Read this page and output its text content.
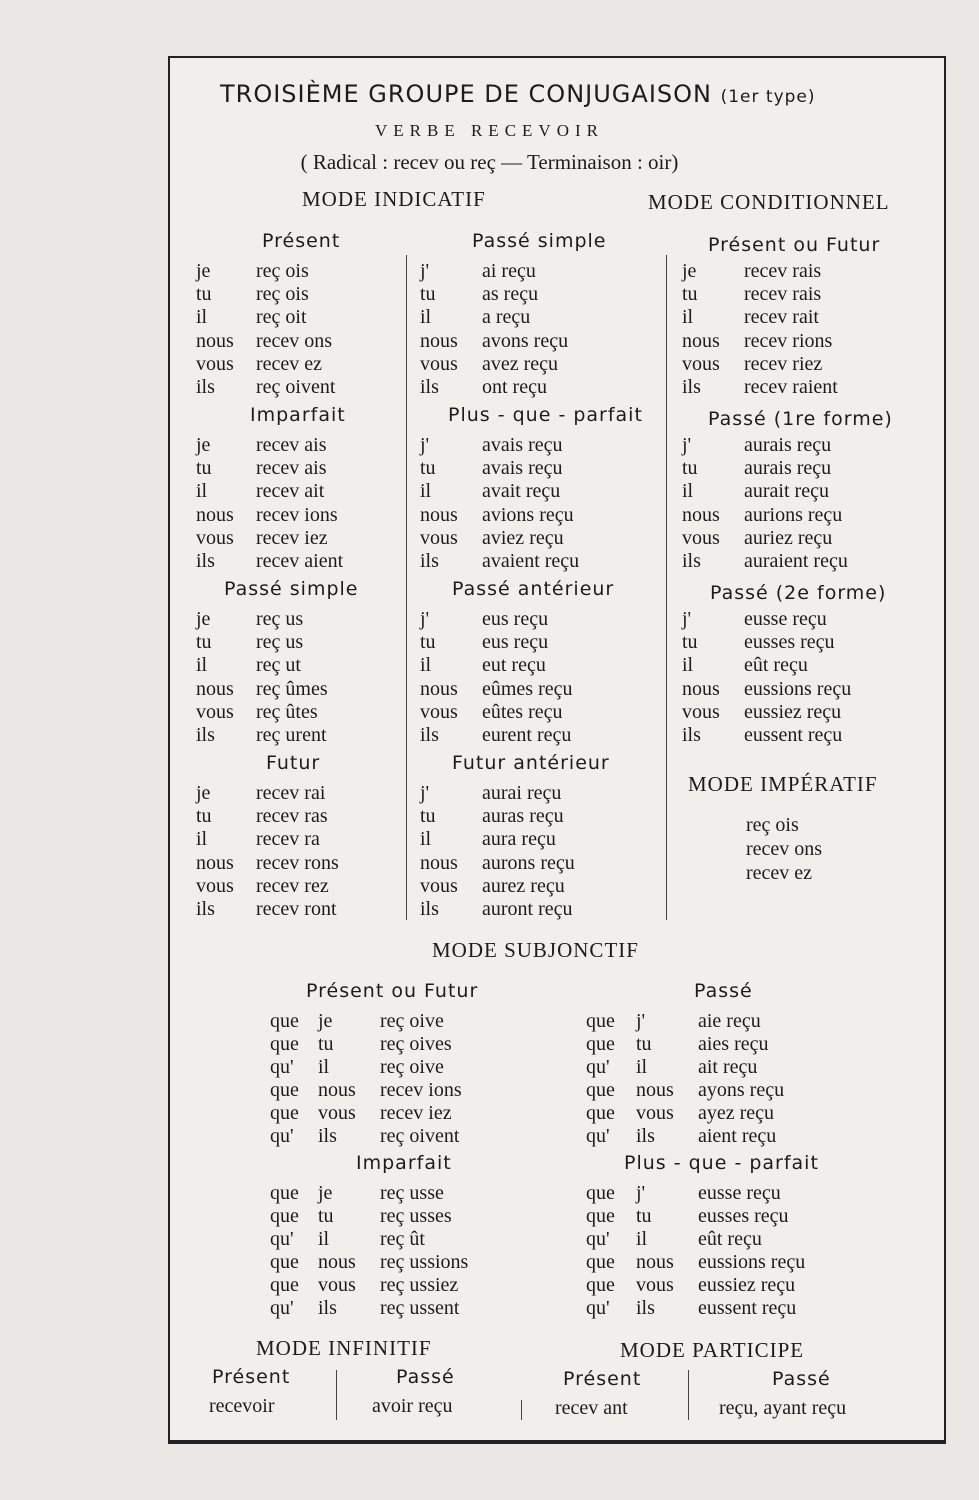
TROISIÈME GROUPE DE CONJUGAISON (1er type)
VERBE RECEVOIR
( Radical : recev ou reç — Terminaison : oir)
MODE INDICATIF	MODE CONDITIONNEL
MODE IMPÉRATIF
MODE SUBJONCTIF
MODE INFINITIF	MODE PARTICIPE
Présent
je reç ois
tu reç ois
il reç oit
nous recev ons
vous recev ez
ils reç oivent
Imparfait
je recev ais
tu recev ais
il recev ait
nous recev ions
vous recev iez
ils recev aient
Passé simple
je reç us
tu reç us
il reç ut
nous reç ûmes
vous reç ûtes
ils reç urent
Futur
je recev rai
tu recev ras
il recev ra
nous recev rons
vous recev rez
ils recev ront
Passé simple
j'	ai reçu
tu as reçu
il	a reçu
nous avons reçu
vous avez reçu
ils ont reçu
Plus - que - parfait
j'	avais reçu
tu avais reçu
il	avait reçu
nous avions reçu
vous aviez reçu
ils avaient reçu
Passé antérieur
j'	eus reçu
tu eus reçu
il	eut reçu
nous eûmes reçu
vous eûtes reçu
ils eurent reçu
Futur antérieur
j'	aurai reçu
tu auras reçu
il	aura reçu
nous aurons reçu
vous aurez reçu
ils auront reçu
Présent ou Futur
je recev rais
tu recev rais
il	recev rait
nous recev rions
vous recev riez
ils recev raient
Passé (1re forme)
j'	aurais reçu
tu aurais reçu
il	aurait reçu
nous aurions reçu
vous auriez reçu
ils auraient reçu
Passé (2e forme)
j'	eusse reçu
tu eusses reçu
il	eût reçu
nous eussions reçu
vous eussiez reçu
ils eussent reçu
reç ois
recev ons
recev ez
Présent ou Futur
que je reç oive
que tu reç oives
qu' il	reç oive
que nous recev ions
que vous recev iez
qu' ils reç oivent
Imparfait
que je reç usse
que tu reç usses
qu' il	reç ût
que nous reç ussions
que vous reç ussiez
qu' ils reç ussent
Passé
que j'	aie reçu
que tu aies reçu
qu' il	ait reçu
que nous ayons reçu
que vous ayez reçu
qu' ils aient reçu
Plus - que - parfait
que j'	eusse reçu
que tu eusses reçu
qu' il	eût reçu
que nous eussions reçu
que vous eussiez reçu
qu' ils eussent reçu
Présent
recevoir
Passé
avoir reçu
Présent
recev ant
Passé
reçu, ayant reçu
